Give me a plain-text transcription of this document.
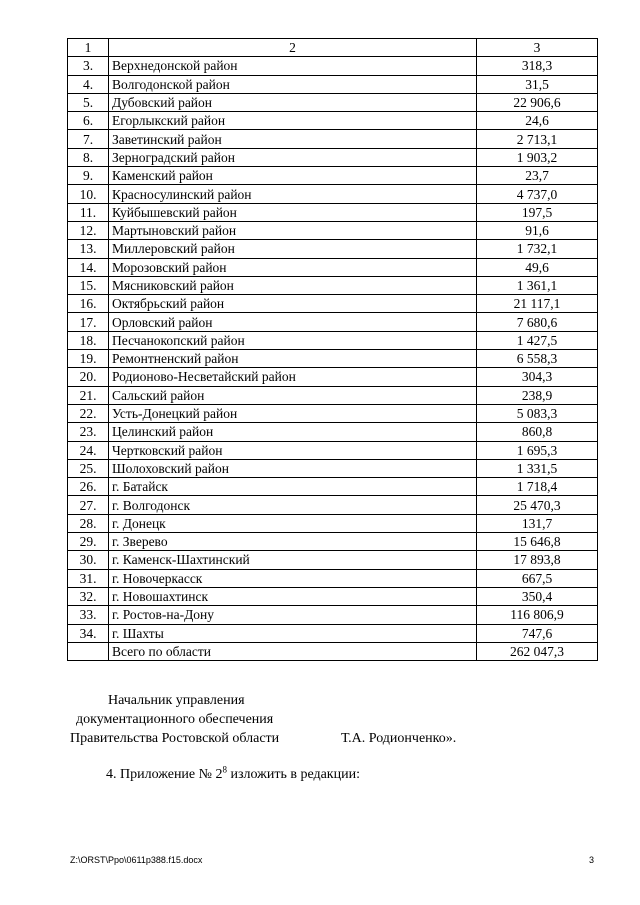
1	2	3
3.	Верхнедонской район	318,3
4.	Волгодонской район	31,5
5.	Дубовский район	22 906,6
6.	Егорлыкский район	24,6
7.	Заветинский район	2 713,1
8.	Зерноградский район	1 903,2
9.	Каменский район	23,7
10.	Красносулинский район	4 737,0
11.	Куйбышевский район	197,5
12.	Мартыновский район	91,6
13.	Миллеровский район	1 732,1
14.	Морозовский район	49,6
15.	Мясниковский район	1 361,1
16.	Октябрьский район	21 117,1
17.	Орловский район	7 680,6
18.	Песчанокопский район	1 427,5
19.	Ремонтненский район	6 558,3
20.	Родионово-Несветайский район	304,3
21.	Сальский район	238,9
22.	Усть-Донецкий район	5 083,3
23.	Целинский район	860,8
24.	Чертковский район	1 695,3
25.	Шолоховский район	1 331,5
26.	г. Батайск	1 718,4
27.	г. Волгодонск	25 470,3
28.	г. Донецк	131,7
29.	г. Зверево	15 646,8
30.	г. Каменск-Шахтинский	17 893,8
31.	г. Новочеркасск	667,5
32.	г. Новошахтинск	350,4
33.	г. Ростов-на-Дону	116 806,9
34.	г. Шахты	747,6
	Всего по области	262 047,3
Начальник управления
документационного обеспечения
Правительства Ростовской области	Т.А. Родионченко».
4. Приложение № $2^8$ изложить в редакции:
Z:\ORST\Ppo\0611p388.f15.docx	3
